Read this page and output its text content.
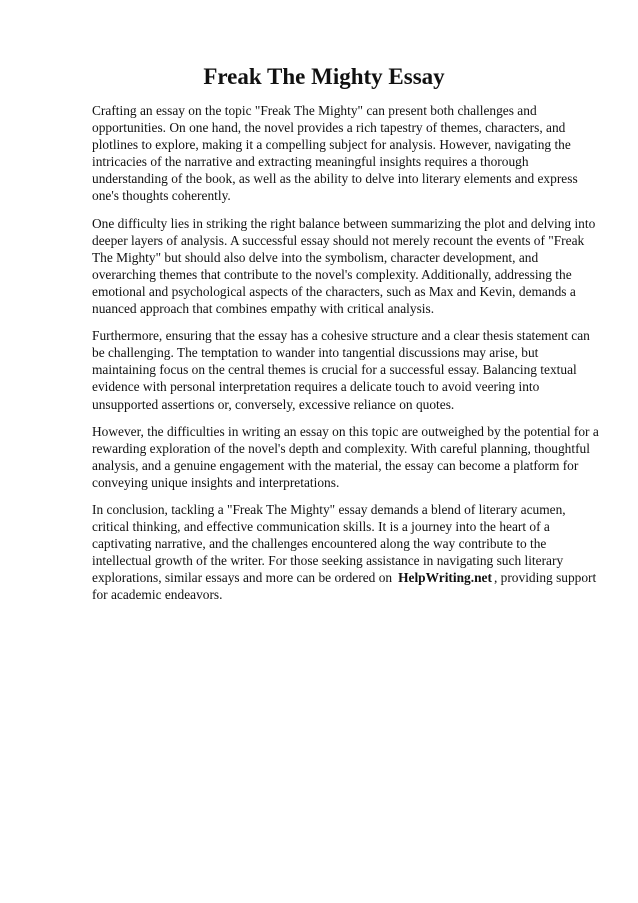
Freak The Mighty Essay

Crafting an essay on the topic "Freak The Mighty" can present both challenges and opportunities. On one hand, the novel provides a rich tapestry of themes, characters, and plotlines to explore, making it a compelling subject for analysis. However, navigating the intricacies of the narrative and extracting meaningful insights requires a thorough understanding of the book, as well as the ability to delve into literary elements and express one's thoughts coherently.

One difficulty lies in striking the right balance between summarizing the plot and delving into deeper layers of analysis. A successful essay should not merely recount the events of "Freak The Mighty" but should also delve into the symbolism, character development, and overarching themes that contribute to the novel's complexity. Additionally, addressing the emotional and psychological aspects of the characters, such as Max and Kevin, demands a nuanced approach that combines empathy with critical analysis.

Furthermore, ensuring that the essay has a cohesive structure and a clear thesis statement can be challenging. The temptation to wander into tangential discussions may arise, but maintaining focus on the central themes is crucial for a successful essay. Balancing textual evidence with personal interpretation requires a delicate touch to avoid veering into unsupported assertions or, conversely, excessive reliance on quotes.

However, the difficulties in writing an essay on this topic are outweighed by the potential for a rewarding exploration of the novel's depth and complexity. With careful planning, thoughtful analysis, and a genuine engagement with the material, the essay can become a platform for conveying unique insights and interpretations.

In conclusion, tackling a "Freak The Mighty" essay demands a blend of literary acumen, critical thinking, and effective communication skills. It is a journey into the heart of a captivating narrative, and the challenges encountered along the way contribute to the intellectual growth of the writer. For those seeking assistance in navigating such literary explorations, similar essays and more can be ordered on HelpWriting.net , providing support for academic endeavors.
